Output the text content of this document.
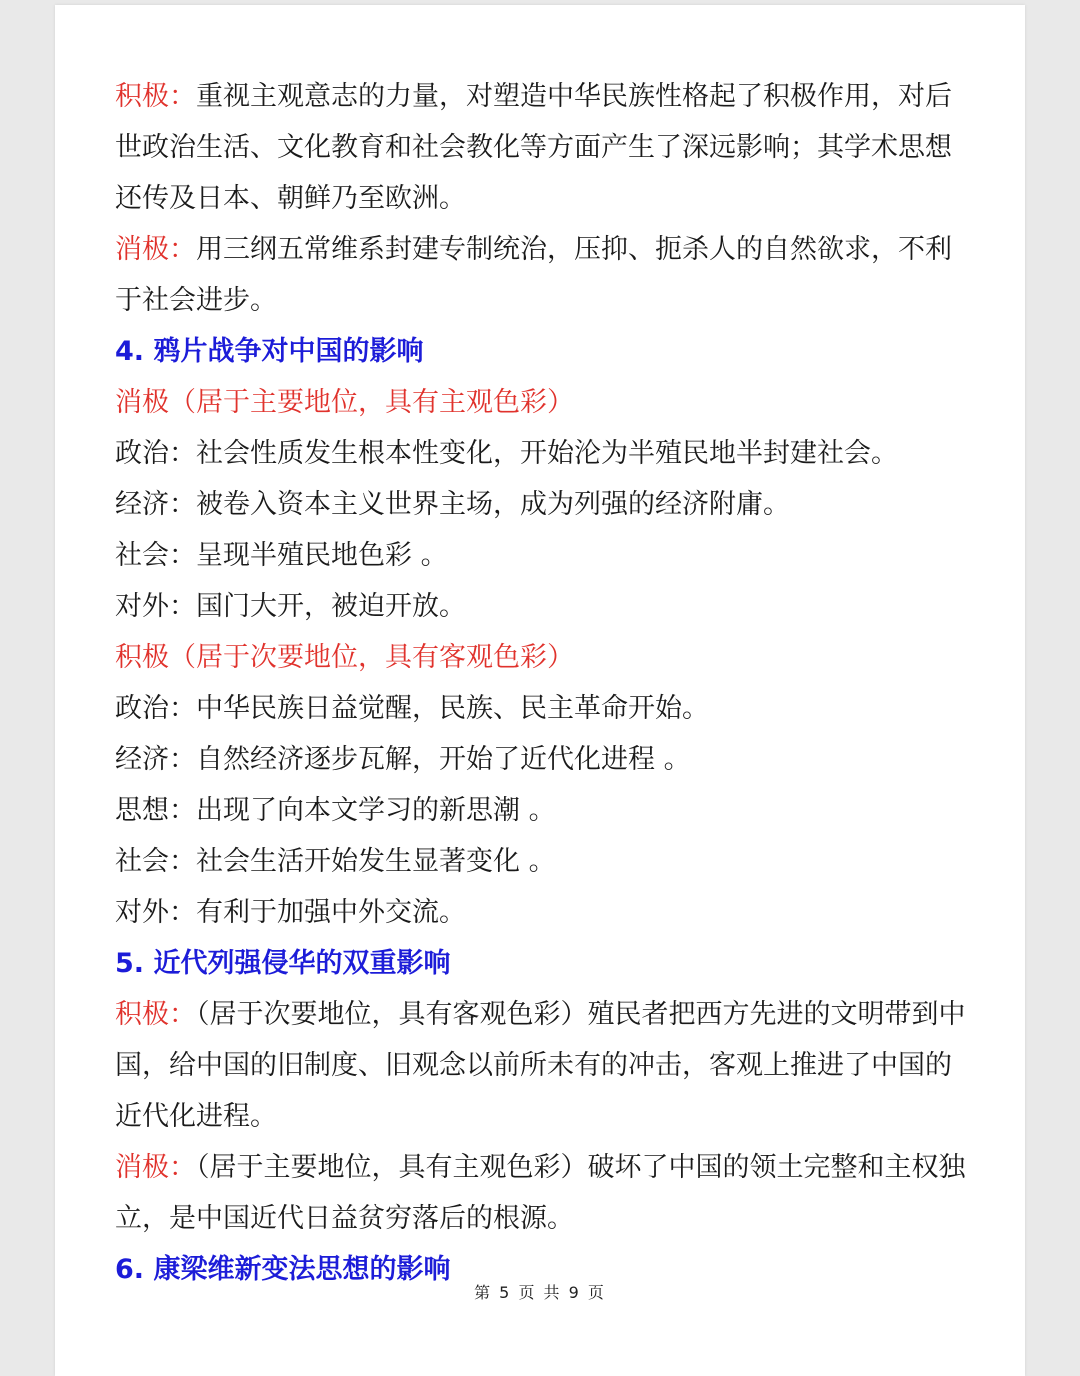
积极：重视主观意志的力量，对塑造中华民族性格起了积极作用，对后世政治生活、文化教育和社会教化等方面产生了深远影响；其学术思想还传及日本、朝鲜乃至欧洲。

消极：用三纲五常维系封建专制统治，压抑、扼杀人的自然欲求，不利于社会进步。

4. 鸦片战争对中国的影响

消极（居于主要地位，具有主观色彩）

政治：社会性质发生根本性变化，开始沦为半殖民地半封建社会。

经济：被卷入资本主义世界主场，成为列强的经济附庸。

社会：呈现半殖民地色彩 。

对外：国门大开，被迫开放。

积极（居于次要地位，具有客观色彩）

政治：中华民族日益觉醒，民族、民主革命开始。

经济：自然经济逐步瓦解，开始了近代化进程 。

思想：出现了向本文学习的新思潮 。

社会：社会生活开始发生显著变化 。

对外：有利于加强中外交流。

5. 近代列强侵华的双重影响

积极：（居于次要地位，具有客观色彩）殖民者把西方先进的文明带到中国，给中国的旧制度、旧观念以前所未有的冲击，客观上推进了中国的近代化进程。

消极：（居于主要地位，具有主观色彩）破坏了中国的领土完整和主权独立，是中国近代日益贫穷落后的根源。

6. 康梁维新变法思想的影响

第 5 页 共 9 页
